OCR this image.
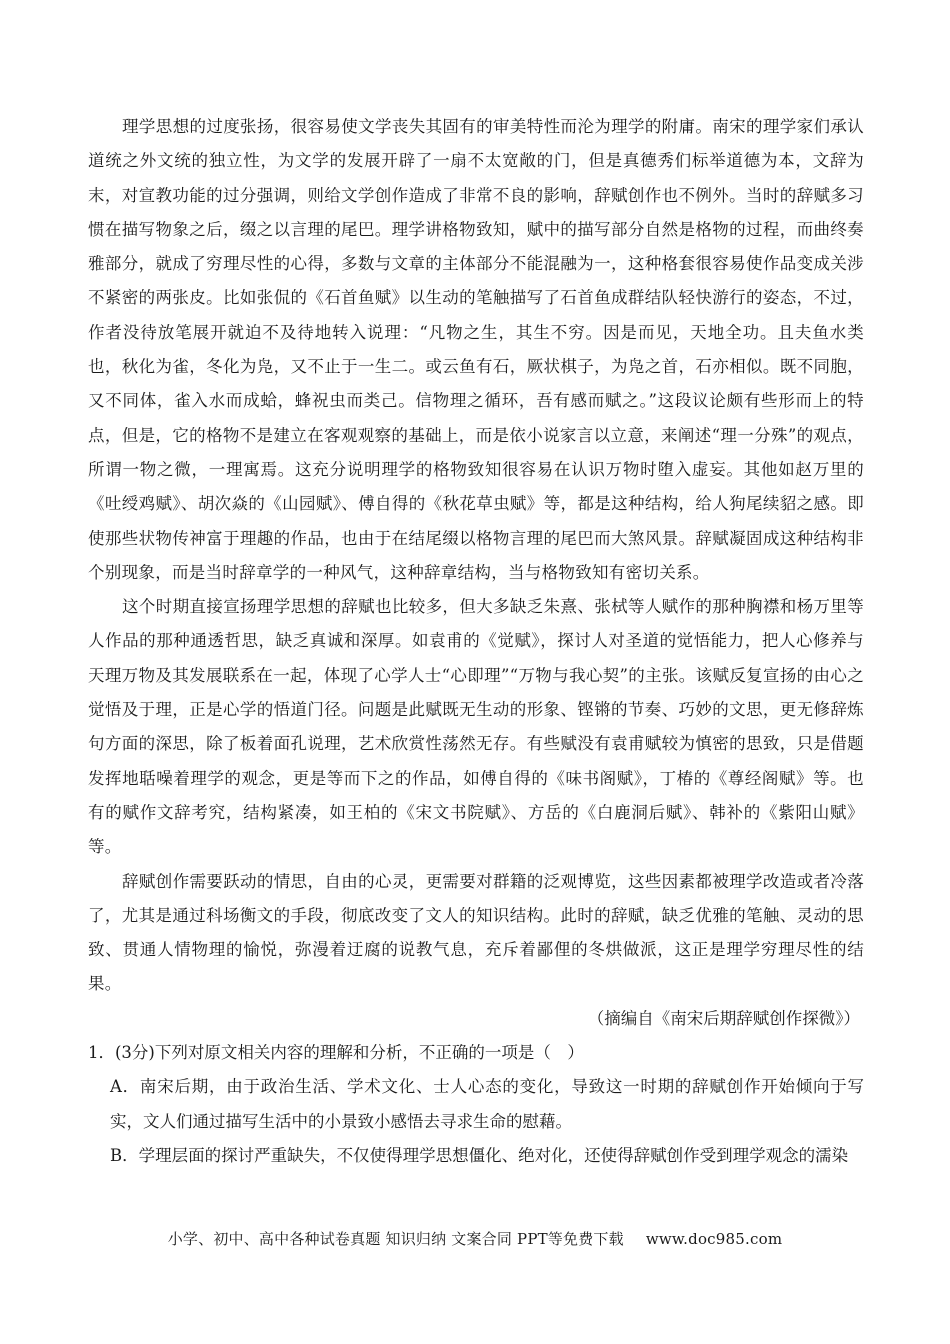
理学思想的过度张扬，很容易使文学丧失其固有的审美特性而沦为理学的附庸。南宋的理学家们承认道统之外文统的独立性，为文学的发展开辟了一扇不太宽敞的门，但是真德秀们标举道德为本，文辞为末，对宣教功能的过分强调，则给文学创作造成了非常不良的影响，辞赋创作也不例外。当时的辞赋多习惯在描写物象之后，缀之以言理的尾巴。理学讲格物致知，赋中的描写部分自然是格物的过程，而曲终奏雅部分，就成了穷理尽性的心得，多数与文章的主体部分不能混融为一，这种格套很容易使作品变成关涉不紧密的两张皮。比如张侃的《石首鱼赋》以生动的笔触描写了石首鱼成群结队轻快游行的姿态，不过，作者没待放笔展开就迫不及待地转入说理：“凡物之生，其生不穷。因是而见，天地全功。且夫鱼水类也，秋化为雀，冬化为凫，又不止于一生二。或云鱼有石，厥状棋子，为凫之首，石亦相似。既不同胞，又不同体，雀入水而成蛤，蜂祝虫而类己。信物理之循环，吾有感而赋之。”这段议论颇有些形而上的特点，但是，它的格物不是建立在客观观察的基础上，而是依小说家言以立意，来阐述“理一分殊”的观点，所谓一物之微，一理寓焉。这充分说明理学的格物致知很容易在认识万物时堕入虚妄。其他如赵万里的《吐绶鸡赋》、胡次焱的《山园赋》、傅自得的《秋花草虫赋》等，都是这种结构，给人狗尾续貂之感。即使那些状物传神富于理趣的作品，也由于在结尾缀以格物言理的尾巴而大煞风景。辞赋凝固成这种结构非个别现象，而是当时辞章学的一种风气，这种辞章结构，当与格物致知有密切关系。

这个时期直接宣扬理学思想的辞赋也比较多，但大多缺乏朱熹、张栻等人赋作的那种胸襟和杨万里等人作品的那种通透哲思，缺乏真诚和深厚。如袁甫的《觉赋》，探讨人对圣道的觉悟能力，把人心修养与天理万物及其发展联系在一起，体现了心学人士“心即理”“万物与我心契”的主张。该赋反复宣扬的由心之觉悟及于理，正是心学的悟道门径。问题是此赋既无生动的形象、铿锵的节奏、巧妙的文思，更无修辞炼句方面的深思，除了板着面孔说理，艺术欣赏性荡然无存。有些赋没有袁甫赋较为慎密的思致，只是借题发挥地聒噪着理学的观念，更是等而下之的作品，如傅自得的《味书阁赋》，丁椿的《尊经阁赋》等。也有的赋作文辞考究，结构紧凑，如王柏的《宋文书院赋》、方岳的《白鹿洞后赋》、韩补的《紫阳山赋》等。

辞赋创作需要跃动的情思，自由的心灵，更需要对群籍的泛观博览，这些因素都被理学改造或者冷落了，尤其是通过科场衡文的手段，彻底改变了文人的知识结构。此时的辞赋，缺乏优雅的笔触、灵动的思致、贯通人情物理的愉悦，弥漫着迂腐的说教气息，充斥着鄙俚的冬烘做派，这正是理学穷理尽性的结果。

（摘编自《南宋后期辞赋创作探微》）

1．(3分)下列对原文相关内容的理解和分析，不正确的一项是（　）

A．南宋后期，由于政治生活、学术文化、士人心态的变化，导致这一时期的辞赋创作开始倾向于写实，文人们通过描写生活中的小景致小感悟去寻求生命的慰藉。

B．学理层面的探讨严重缺失，不仅使得理学思想僵化、绝对化，还使得辞赋创作受到理学观念的濡染

小学、初中、高中各种试卷真题 知识归纳 文案合同 PPT等免费下载 www.doc985.com
